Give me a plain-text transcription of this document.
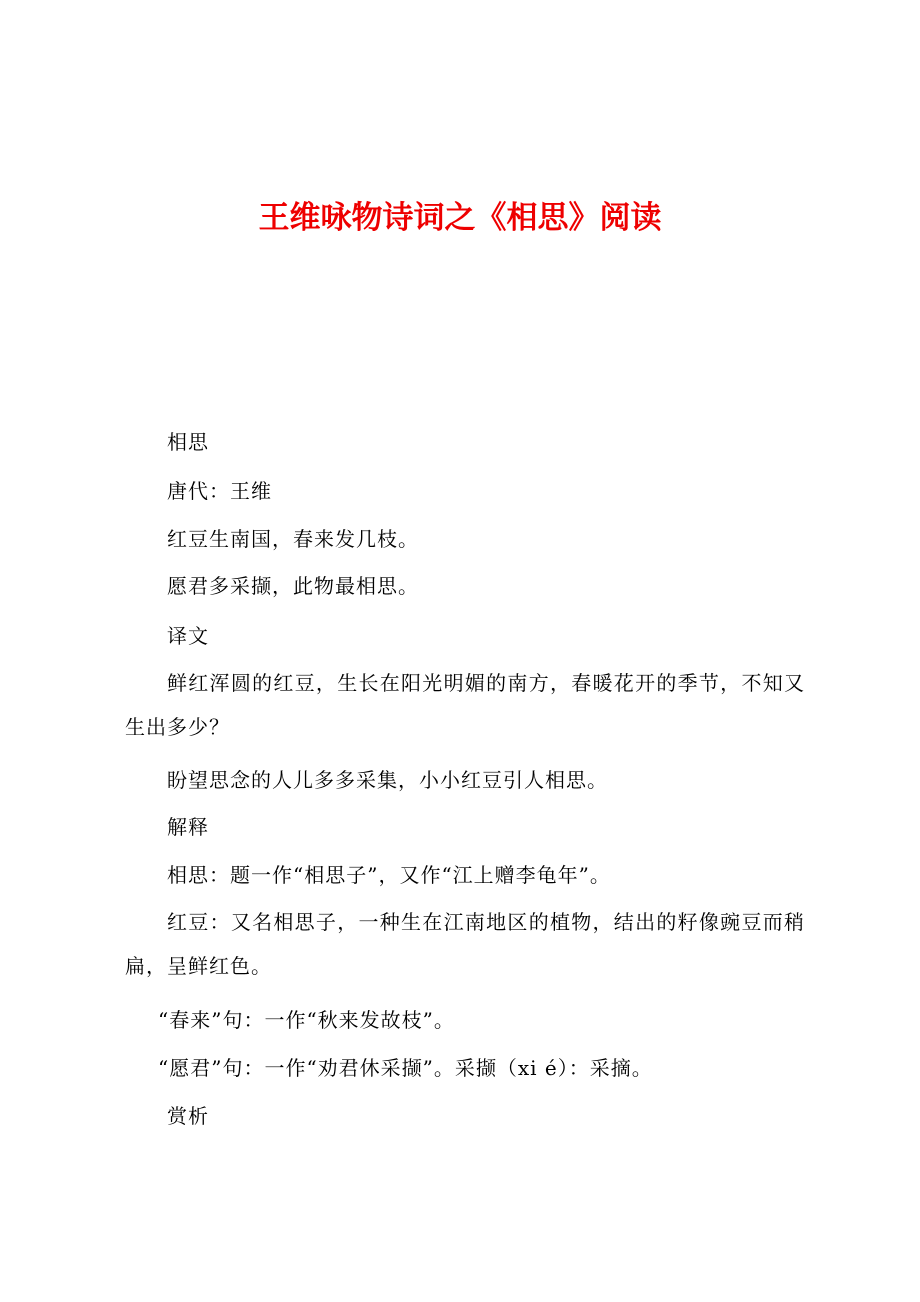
王维咏物诗词之《相思》阅读
相思
唐代：王维
红豆生南国，春来发几枝。
愿君多采撷，此物最相思。
译文
鲜红浑圆的红豆，生长在阳光明媚的南方，春暖花开的季节，不知又生出多少？
盼望思念的人儿多多采集，小小红豆引人相思。
解释
相思：题一作“相思子”，又作“江上赠李龟年”。
红豆：又名相思子，一种生在江南地区的植物，结出的籽像豌豆而稍扁，呈鲜红色。
“春来”句：一作“秋来发故枝”。
“愿君”句：一作“劝君休采撷”。采撷（xi é）：采摘。
赏析
